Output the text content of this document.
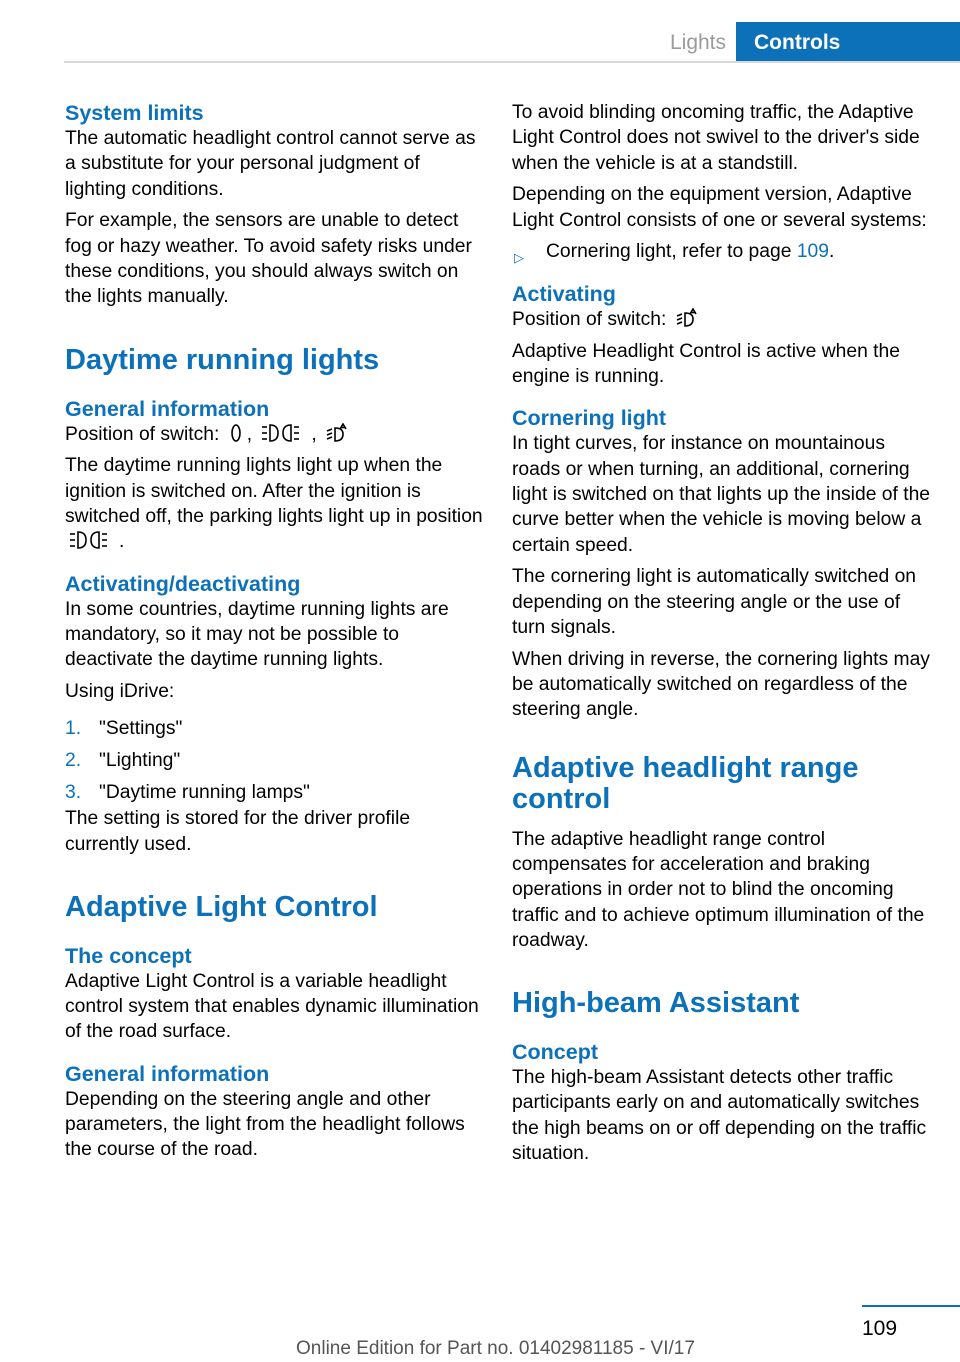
Lights	Controls
System limits

The automatic headlight control cannot serve as a substitute for your personal judgment of lighting conditions.

For example, the sensors are unable to detect fog or hazy weather. To avoid safety risks under these conditions, you should always switch on the lights manually.

Daytime running lights
General information

Position of switch: ,	,

The daytime running lights light up when the ignition is switched on. After the ignition is switched off, the parking lights light up in position
.

Activating/deactivating

In some countries, daytime running lights are mandatory, so it may not be possible to deactivate the daytime running lights.

Using iDrive:

1. "Settings"
2. "Lighting"
3. "Daytime running lamps"

The setting is stored for the driver profile currently used.

Adaptive Light Control
The concept

Adaptive Light Control is a variable headlight control system that enables dynamic illumination of the road surface.

General information

Depending on the steering angle and other parameters, the light from the headlight follows the course of the road.

To avoid blinding oncoming traffic, the Adaptive Light Control does not swivel to the driver's side when the vehicle is at a standstill.

Depending on the equipment version, Adaptive Light Control consists of one or several systems:

▷ Cornering light, refer to page 109.
Activating

Position of switch:

Adaptive Headlight Control is active when the engine is running.

Cornering light

In tight curves, for instance on mountainous roads or when turning, an additional, cornering light is switched on that lights up the inside of the curve better when the vehicle is moving below a certain speed.

The cornering light is automatically switched on depending on the steering angle or the use of turn signals.

When driving in reverse, the cornering lights may be automatically switched on regardless of the steering angle.

Adaptive headlight range control

The adaptive headlight range control compensates for acceleration and braking operations in order not to blind the oncoming traffic and to achieve optimum illumination of the roadway.

High-beam Assistant
Concept

The high-beam Assistant detects other traffic participants early on and automatically switches the high beams on or off depending on the traffic situation.

109
Online Edition for Part no. 01402981185 - VI/17
